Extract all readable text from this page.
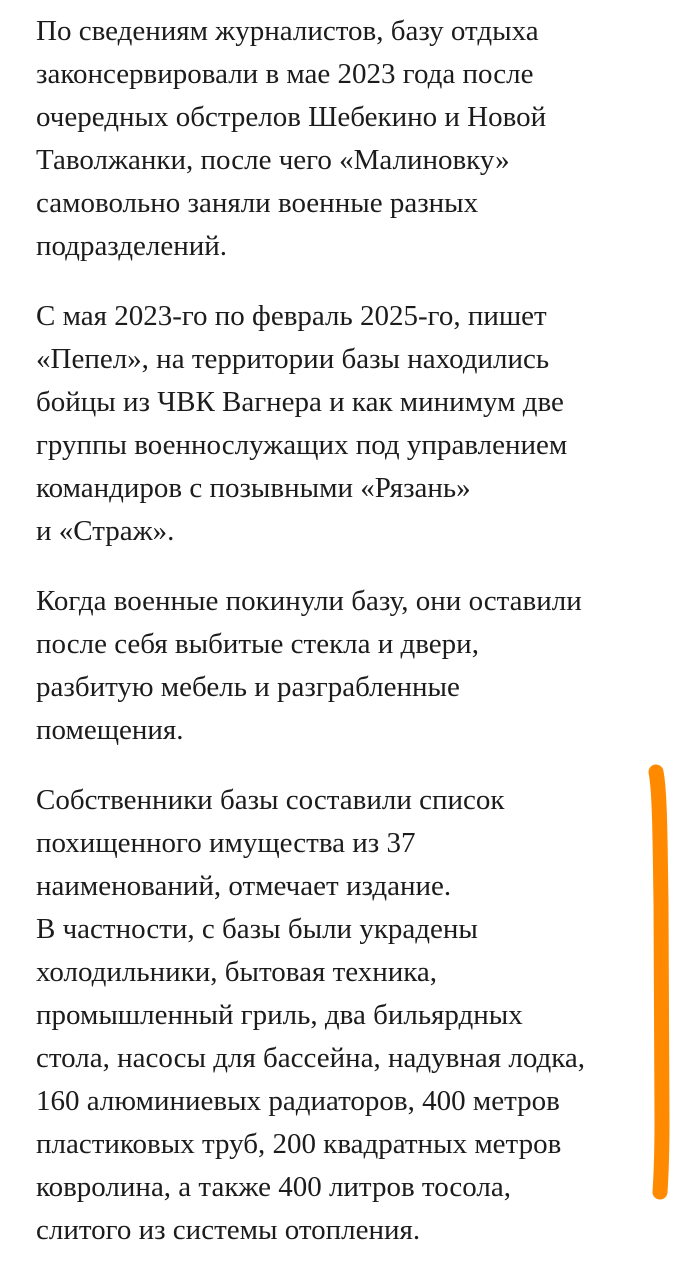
По сведениям журналистов, базу отдыха
законсервировали в мае 2023 года после
очередных обстрелов Шебекино и Новой
Таволжанки, после чего «Малиновку»
самовольно заняли военные разных
подразделений.

С мая 2023-го по февраль 2025-го, пишет
«Пепел», на территории базы находились
бойцы из ЧВК Вагнера и как минимум две
группы военнослужащих под управлением
командиров с позывными «Рязань»
и «Страж».

Когда военные покинули базу, они оставили
после себя выбитые стекла и двери,
разбитую мебель и разграбленные
помещения.

Собственники базы составили список
похищенного имущества из 37
наименований, отмечает издание.
В частности, с базы были украдены
холодильники, бытовая техника,
промышленный гриль, два бильярдных
стола, насосы для бассейна, надувная лодка,
160 алюминиевых радиаторов, 400 метров
пластиковых труб, 200 квадратных метров
ковролина, а также 400 литров тосола,
слитого из системы отопления.
